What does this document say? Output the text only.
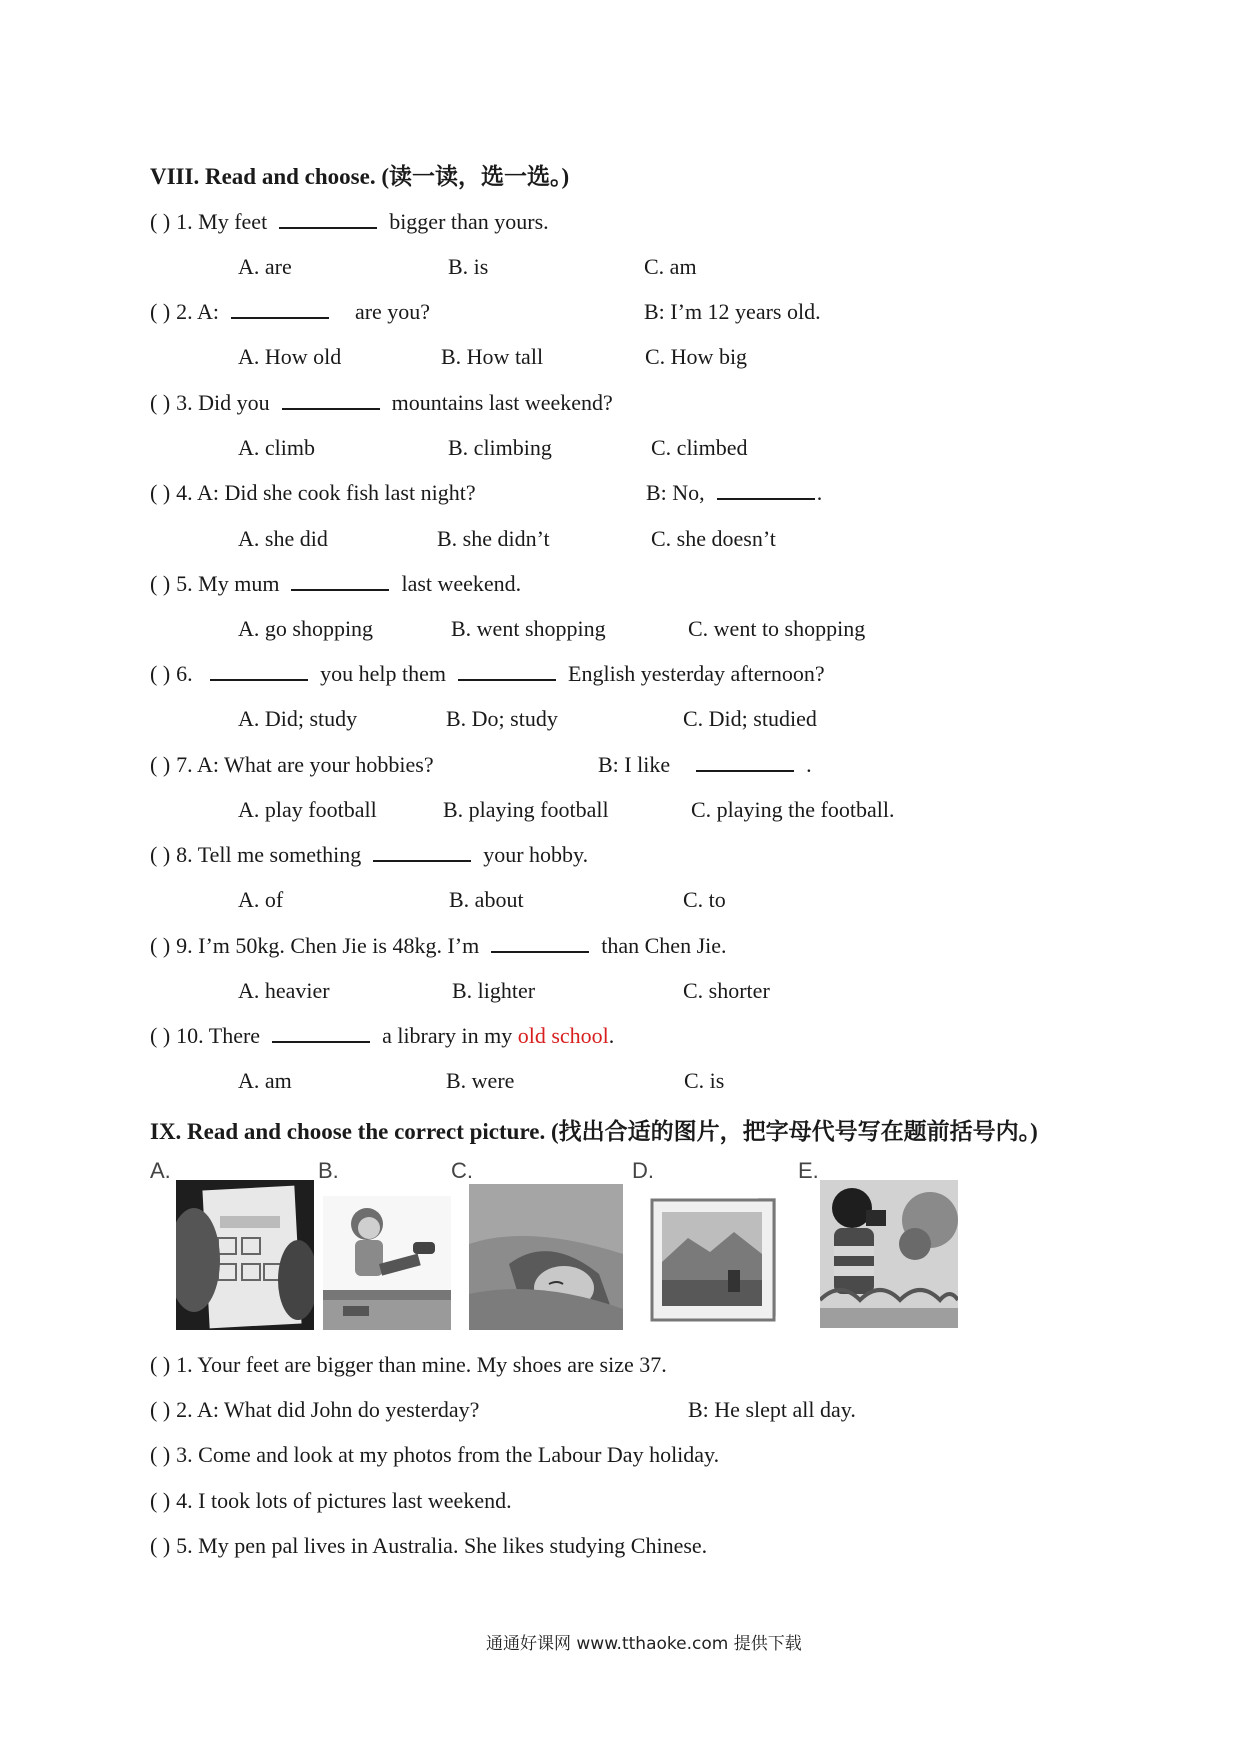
VIII. Read and choose. (读一读，选一选。)
( ) 1. My feet	bigger than yours.
A. are	B. is	C. am
( ) 2. A:	are you?	B: I’m 12 years old.
A. How old	B. How tall	C. How big
( ) 3. Did you	mountains last weekend?
A. climb	B. climbing	C. climbed
( ) 4. A: Did she cook fish last night?	B: No,	.
A. she did	B. she didn’t	C. she doesn’t
( ) 5. My mum	last weekend.
A. go shopping	B. went shopping	C. went to shopping
( ) 6.	you help them	English yesterday afternoon?
A. Did; study	B. Do; study	C. Did; studied
( ) 7. A: What are your hobbies?	B: I like	.
A. play football	B. playing football	C. playing the football.
( ) 8. Tell me something	your hobby.
A. of	B. about	C. to
( ) 9. I’m 50kg. Chen Jie is 48kg. I’m	than Chen Jie.
A. heavier	B. lighter	C. shorter
( ) 10. There	a library in my old school.
A. am	B. were	C. is
IX. Read and choose the correct picture. (找出合适的图片，把字母代号写在题前括号内。)
A.	B.	C.	D.	E.
( ) 1. Your feet are bigger than mine. My shoes are size 37.
( ) 2. A: What did John do yesterday?	B: He slept all day.
( ) 3. Come and look at my photos from the Labour Day holiday.
( ) 4. I took lots of pictures last weekend.
( ) 5. My pen pal lives in Australia. She likes studying Chinese.
通通好课网 www.tthaoke.com 提供下载
